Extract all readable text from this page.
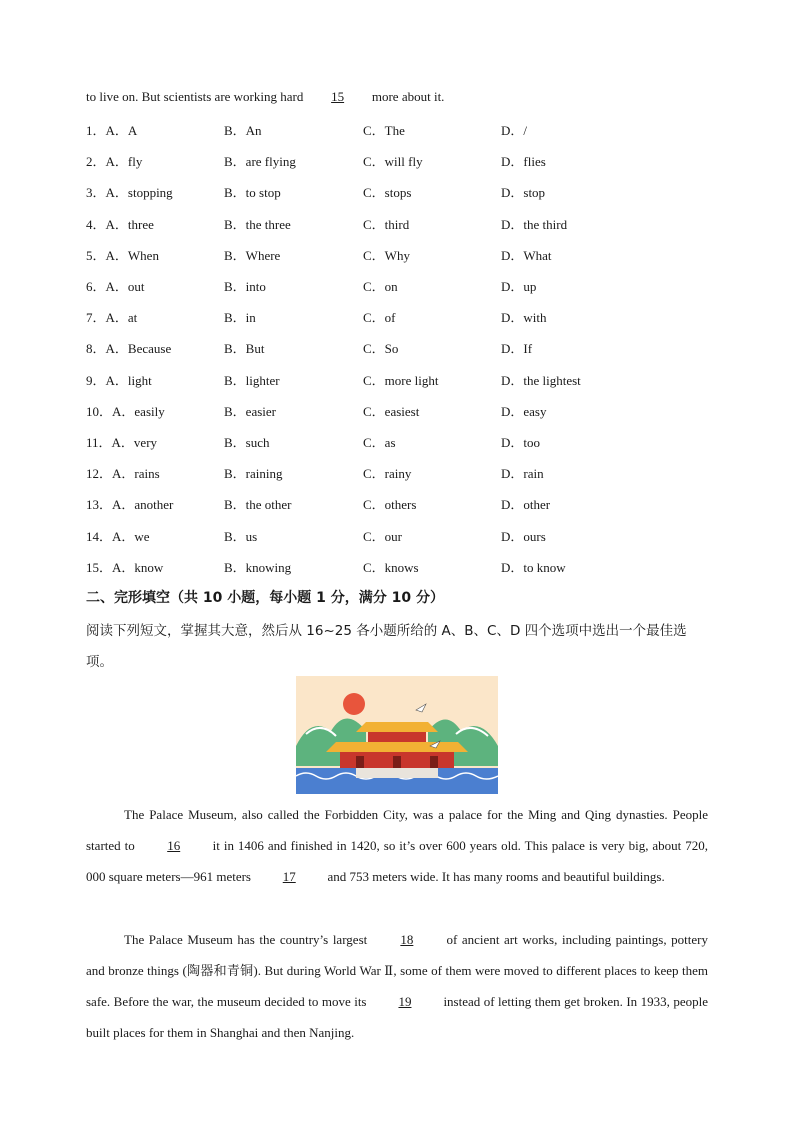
to live on. But scientists are working hard 15 more about it.
1．A．A	B．An	C．The	D．/
2．A．fly	B．are flying	C．will fly	D．flies
3．A．stopping	B．to stop	C．stops	D．stop
4．A．three	B．the three	C．third	D．the third
5．A．When	B．Where	C．Why	D．What
6．A．out	B．into	C．on	D．up
7．A．at	B．in	C．of	D．with
8．A．Because	B．But	C．So	D．If
9．A．light	B．lighter	C．more light	D．the lightest
10．A．easily	B．easier	C．easiest	D．easy
11．A．very	B．such	C．as	D．too
12．A．rains	B．raining	C．rainy	D．rain
13．A．another	B．the other	C．others	D．other
14．A．we	B．us	C．our	D．ours
15．A．know	B．knowing	C．knows	D．to know
二、完形填空（共 10 小题，每小题 1 分，满分 10 分）
阅读下列短文，掌握其大意，然后从 16~25 各小题所给的 A、B、C、D 四个选项中选出一个最佳选
项。
The Palace Museum, also called the Forbidden City, was a palace for the Ming and Qing dynasties. People started to 16 it in 1406 and finished in 1420, so it’s over 600 years old. This palace is very big, about 720, 000 square meters—961 meters 17 and 753 meters wide. It has many rooms and beautiful buildings.
The Palace Museum has the country’s largest	18	of ancient art works, including paintings, pottery and bronze things (陶器和青铜). But during World War Ⅱ, some of them were moved to different places to keep them safe. Before the war, the museum decided to move its 19 instead of letting them get broken. In 1933, people built places for them in Shanghai and then Nanjing.
